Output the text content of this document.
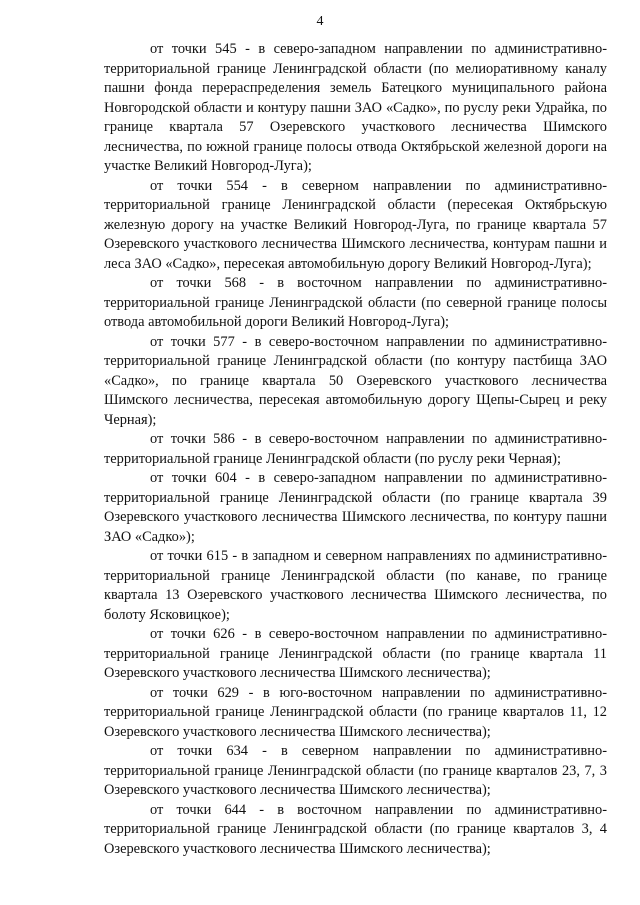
4

от точки 545 - в северо-западном направлении по административно-территориальной границе Ленинградской области (по мелиоративному каналу пашни фонда перераспределения земель Батецкого муниципального района Новгородской области и контуру пашни ЗАО «Садко», по руслу реки Удрайка, по границе квартала 57 Озеревского участкового лесничества Шимского лесничества, по южной границе полосы отвода Октябрьской железной дороги на участке Великий Новгород-Луга);

от точки 554 - в северном направлении по административно-территориальной границе Ленинградской области (пересекая Октябрьскую железную дорогу на участке Великий Новгород-Луга, по границе квартала 57 Озеревского участкового лесничества Шимского лесничества, контурам пашни и леса ЗАО «Садко», пересекая автомобильную дорогу Великий Новгород-Луга);

от точки 568 - в восточном направлении по административно-территориальной границе Ленинградской области (по северной границе полосы отвода автомобильной дороги Великий Новгород-Луга);

от точки 577 - в северо-восточном направлении по административно-территориальной границе Ленинградской области (по контуру пастбища ЗАО «Садко», по границе квартала 50 Озеревского участкового лесничества Шимского лесничества, пересекая автомобильную дорогу Щепы-Сырец и реку Черная);

от точки 586 - в северо-восточном направлении по административно-территориальной границе Ленинградской области (по руслу реки Черная);

от точки 604 - в северо-западном направлении по административно-территориальной границе Ленинградской области (по границе квартала 39 Озеревского участкового лесничества Шимского лесничества, по контуру пашни ЗАО «Садко»);

от точки 615 - в западном и северном направлениях по административно-территориальной границе Ленинградской области (по канаве, по границе квартала 13 Озеревского участкового лесничества Шимского лесничества, по болоту Ясковицкое);

от точки 626 - в северо-восточном направлении по административно-территориальной границе Ленинградской области (по границе квартала 11 Озеревского участкового лесничества Шимского лесничества);

от точки 629 - в юго-восточном направлении по административно-территориальной границе Ленинградской области (по границе кварталов 11, 12 Озеревского участкового лесничества Шимского лесничества);

от точки 634 - в северном направлении по административно-территориальной границе Ленинградской области (по границе кварталов 23, 7, 3 Озеревского участкового лесничества Шимского лесничества);

от точки 644 - в восточном направлении по административно-территориальной границе Ленинградской области (по границе кварталов 3, 4 Озеревского участкового лесничества Шимского лесничества);
